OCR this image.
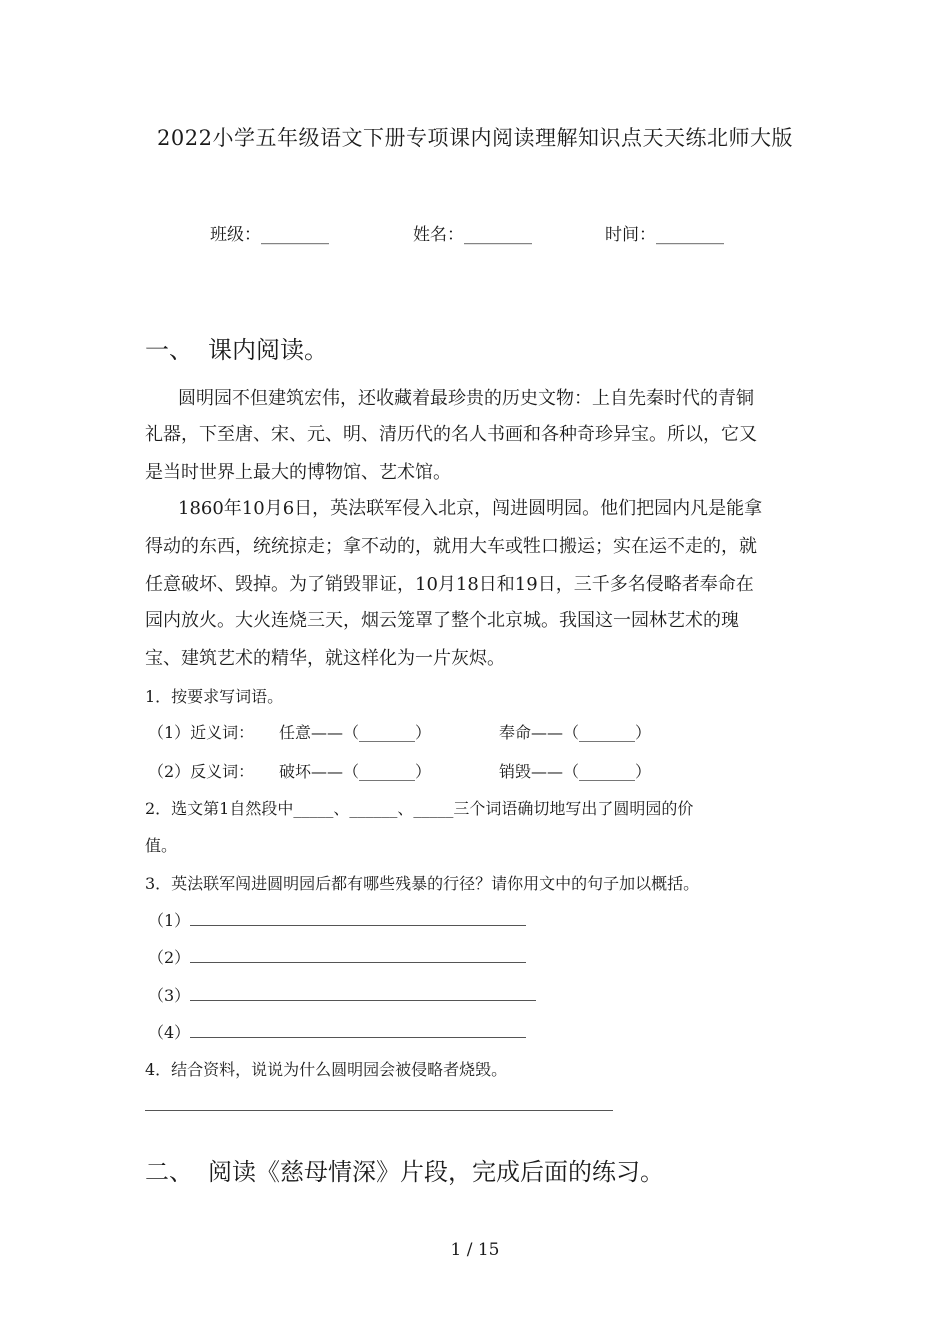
2022小学五年级语文下册专项课内阅读理解知识点天天练北师大版
班级：________	姓名：________	时间：________
一、 课内阅读。
圆明园不但建筑宏伟，还收藏着最珍贵的历史文物：上自先秦时代的青铜
礼器，下至唐、宋、元、明、清历代的名人书画和各种奇珍异宝。所以，它又
是当时世界上最大的博物馆、艺术馆。
1860年10月6日，英法联军侵入北京，闯进圆明园。他们把园内凡是能拿
得动的东西，统统掠走；拿不动的，就用大车或牲口搬运；实在运不走的，就
任意破坏、毁掉。为了销毁罪证，10月18日和19日，三千多名侵略者奉命在
园内放火。大火连烧三天，烟云笼罩了整个北京城。我国这一园林艺术的瑰
宝、建筑艺术的精华，就这样化为一片灰烬。
1．按要求写词语。
（1）近义词： 任意——（_______）	奉命——（_______）
（2）反义词： 破坏——（_______）	销毁——（_______）
2．选文第1自然段中_____、______、_____三个词语确切地写出了圆明园的价
值。
3．英法联军闯进圆明园后都有哪些残暴的行径？请你用文中的句子加以概括。
（1）
（2）
（3）
（4）
4．结合资料，说说为什么圆明园会被侵略者烧毁。
二、 阅读《慈母情深》片段，完成后面的练习。
1 / 15
